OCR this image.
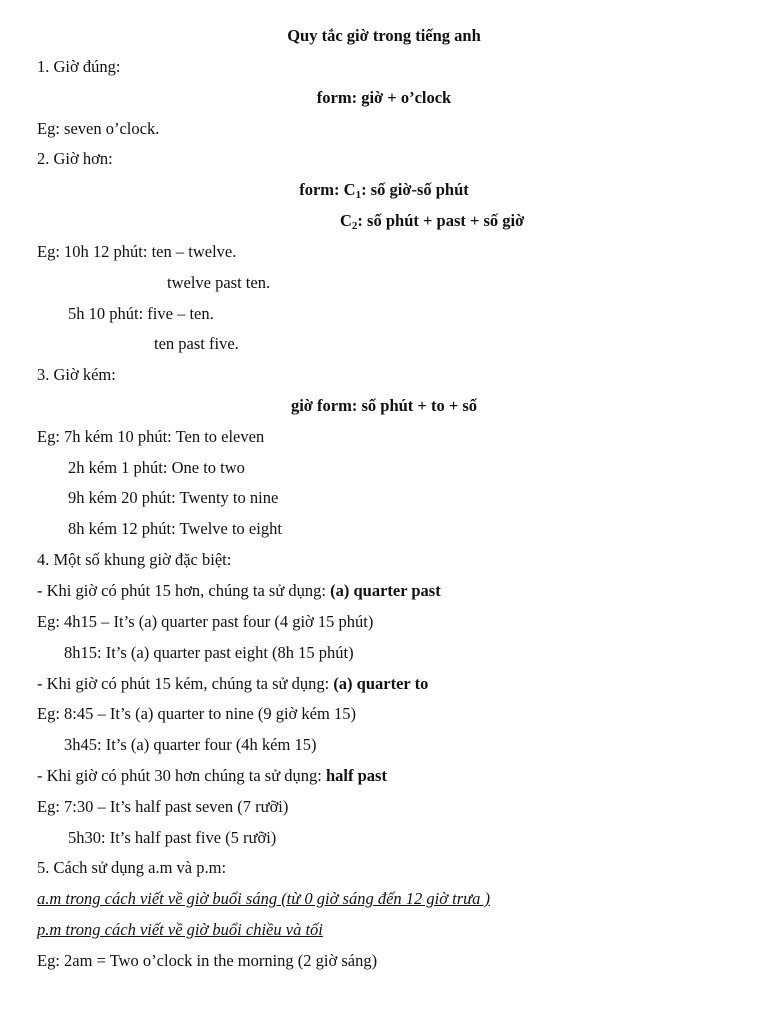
Quy tắc giờ trong tiếng anh
1. Giờ đúng:
form: giờ + o’clock
Eg: seven o’clock.
2. Giờ hơn:
form: $C_1$: số giờ-số phút
$C_2$: số phút + past + số giờ
Eg: 10h 12 phút: ten – twelve.
twelve past ten.
5h 10 phút: five – ten.
ten past five.
3. Giờ kém:
giờ form: số phút + to + số
Eg: 7h kém 10 phút: Ten to eleven
2h kém 1 phút: One to two
9h kém 20 phút: Twenty to nine
8h kém 12 phút: Twelve to eight
4. Một số khung giờ đặc biệt:
- Khi giờ có phút 15 hơn, chúng ta sử dụng: (a) quarter past
Eg: 4h15 – It’s (a) quarter past four (4 giờ 15 phút)
8h15: It’s (a) quarter past eight (8h 15 phút)
- Khi giờ có phút 15 kém, chúng ta sử dụng: (a) quarter to
Eg: 8:45 – It’s (a) quarter to nine (9 giờ kém 15)
3h45: It’s (a) quarter four (4h kém 15)
- Khi giờ có phút 30 hơn chúng ta sử dụng: half past
Eg: 7:30 – It’s half past seven (7 rưỡi)
5h30: It’s half past five (5 rưỡi)
5. Cách sử dụng a.m và p.m:
a.m trong cách viết về giờ buổi sáng (từ 0 giờ sáng đến 12 giờ trưa )
p.m trong cách viết về giờ buổi chiều và tối
Eg: 2am = Two o’clock in the morning (2 giờ sáng)
